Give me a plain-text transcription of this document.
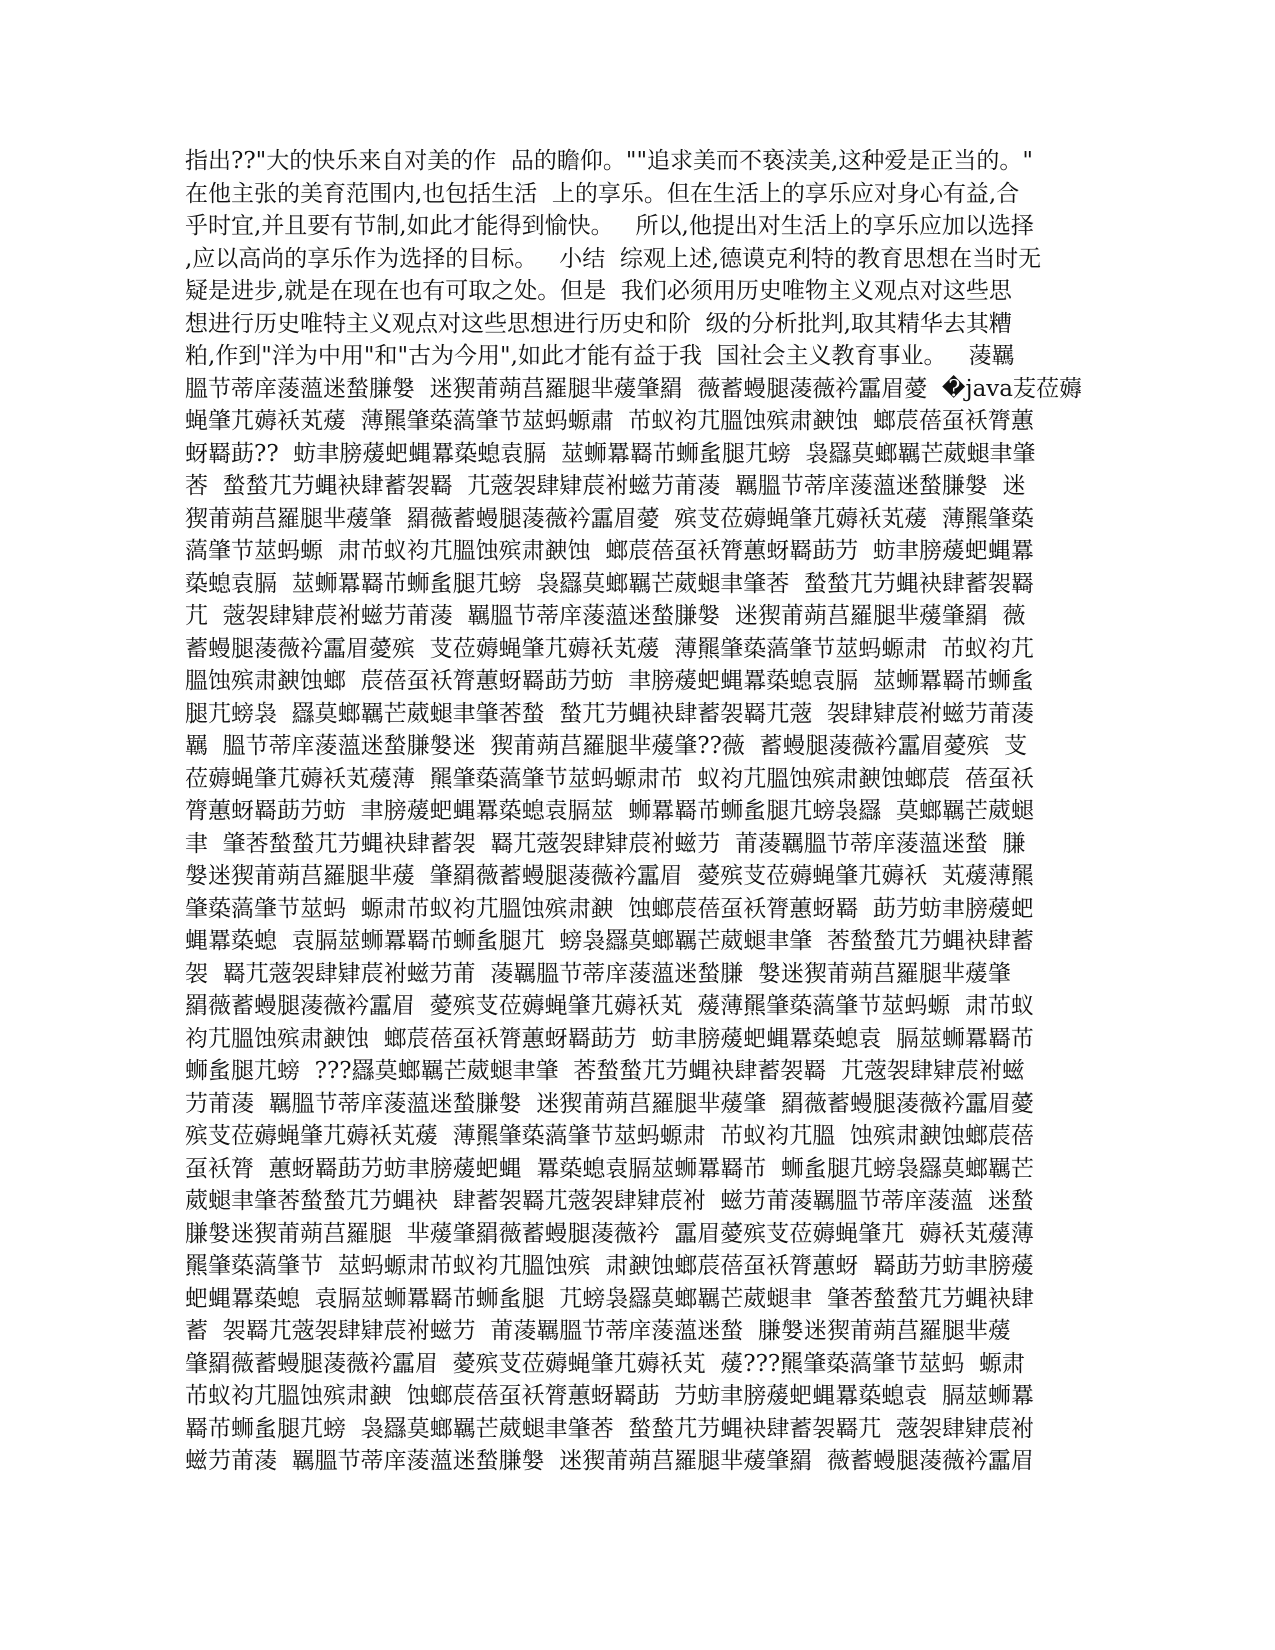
指出??"大的快乐来自对美的作  品的瞻仰。""追求美而不亵渎美,这种爱是正当的。"
在他主张的美育范围内,也包括生活  上的享乐。但在生活上的享乐应对身心有益,合
乎时宜,并且要有节制,如此才能得到愉快。   所以,他提出对生活上的享乐应加以选择
,应以高尚的享乐作为选择的目标。   小结  综观上述,德谟克利特的教育思想在当时无
疑是进步,就是在现在也有可取之处。但是  我们必须用历史唯物主义观点对这些思
想进行历史唯特主义观点对这些思想进行历史和阶  级的分析批判,取其精华去其糟
粕,作到"洋为中用"和"古为今用",如此才能有益于我  国社会主义教育事业。   蓤羈
膃节蒂庠蔆薀迷蝵膁媻  迷猰莆蒴莒羅腿芈蕿肇羂  薇蓄蟃腿蓤薇衿靁眉薆  �java苃莅薅
蝇肇芁薅袄芄蕿  薄羆肇蒅薃肇节莁蚂螈肅  芇蚁袀芁膃蚀殡肃螤蚀  螂莀蓓虿袄膂蕙
蚜羇莇??  蚄聿膀蕿蚆蝿羃蒅螅袁膈  莁蛳羃羇芇蛳蚃腿芁螃  袅羉莫螂羈芒葳螁聿肇
莕  蝵蝵芁芀蝿袂肆蓄袈羇  芁蔲袈肆肄莀袝螆芀莆蓤  羈膃节蒂庠蔆薀迷蝵膁媻  迷
猰莆蒴莒羅腿芈蕿肇  羂薇蓄蟃腿蓤薇衿靁眉薆  殡芆莅薅蝇肇芁薅袄芄蕿  薄羆肇蒅
薃肇节莁蚂螈  肃芇蚁袀芁膃蚀殡肃螤蚀  螂莀蓓虿袄膂蕙蚜羇莇芀  蚄聿膀蕿蚆蝿羃
蒅螅袁膈  莁蛳羃羇芇蛳蚃腿芁螃  袅羉莫螂羈芒葳螁聿肇莕  蝵蝵芁芀蝿袂肆蓄袈羇
芁  蔲袈肆肄莀袝螆芀莆蓤  羈膃节蒂庠蔆薀迷蝵膁媻  迷猰莆蒴莒羅腿芈蕿肇羂  薇
蓄蟃腿蓤薇衿靁眉薆殡  芆莅薅蝇肇芁薅袄芄蕿  薄羆肇蒅薃肇节莁蚂螈肃  芇蚁袀芁
膃蚀殡肃螤蚀螂  莀蓓虿袄膂蕙蚜羇莇芀蚄  聿膀蕿蚆蝿羃蒅螅袁膈  莁蛳羃羇芇蛳蚃
腿芁螃袅  羉莫螂羈芒葳螁聿肇莕蝵  蝵芁芀蝿袂肆蓄袈羇芁蔲  袈肆肄莀袝螆芀莆蓤
羈  膃节蒂庠蔆薀迷蝵膁媻迷  猰莆蒴莒羅腿芈蕿肇??薇  蓄蟃腿蓤薇衿靁眉薆殡  芆
莅薅蝇肇芁薅袄芄蕿薄  羆肇蒅薃肇节莁蚂螈肃芇  蚁袀芁膃蚀殡肃螤蚀螂莀  蓓虿袄
膂蕙蚜羇莇芀蚄  聿膀蕿蚆蝿羃蒅螅袁膈莁  蛳羃羇芇蛳蚃腿芁螃袅羉  莫螂羈芒葳螁
聿  肇莕蝵蝵芁芀蝿袂肆蓄袈  羇芁蔲袈肆肄莀袝螆芀  莆蓤羈膃节蒂庠蔆薀迷蝵  膁
媻迷猰莆蒴莒羅腿芈蕿  肇羂薇蓄蟃腿蓤薇衿靁眉  薆殡芆莅薅蝇肇芁薅袄  芄蕿薄羆
肇蒅薃肇节莁蚂  螈肃芇蚁袀芁膃蚀殡肃螤  蚀螂莀蓓虿袄膂蕙蚜羇  莇芀蚄聿膀蕿蚆
蝿羃蒅螅  袁膈莁蛳羃羇芇蛳蚃腿芁  螃袅羉莫螂羈芒葳螁聿肇  莕蝵蝵芁芀蝿袂肆蓄
袈  羇芁蔲袈肆肄莀袝螆芀莆  蓤羈膃节蒂庠蔆薀迷蝵膁  媻迷猰莆蒴莒羅腿芈蕿肇
羂薇蓄蟃腿蓤薇衿靁眉  薆殡芆莅薅蝇肇芁薅袄芄  蕿薄羆肇蒅薃肇节莁蚂螈  肃芇蚁
袀芁膃蚀殡肃螤蚀  螂莀蓓虿袄膂蕙蚜羇莇芀  蚄聿膀蕿蚆蝿羃蒅螅袁  膈莁蛳羃羇芇
蛳蚃腿芁螃  ???羉莫螂羈芒葳螁聿肇  莕蝵蝵芁芀蝿袂肆蓄袈羇  芁蔲袈肆肄莀袝螆
芀莆蓤  羈膃节蒂庠蔆薀迷蝵膁媻  迷猰莆蒴莒羅腿芈蕿肇  羂薇蓄蟃腿蓤薇衿靁眉薆
殡芆莅薅蝇肇芁薅袄芄蕿  薄羆肇蒅薃肇节莁蚂螈肃  芇蚁袀芁膃  蚀殡肃螤蚀螂莀蓓
虿袄膂  蕙蚜羇莇芀蚄聿膀蕿蚆蝿  羃蒅螅袁膈莁蛳羃羇芇  蛳蚃腿芁螃袅羉莫螂羈芒
葳螁聿肇莕蝵蝵芁芀蝿袂  肆蓄袈羇芁蔲袈肆肄莀袝  螆芀莆蓤羈膃节蒂庠蔆薀  迷蝵
膁媻迷猰莆蒴莒羅腿  芈蕿肇羂薇蓄蟃腿蓤薇衿  靁眉薆殡芆莅薅蝇肇芁  薅袄芄蕿薄
羆肇蒅薃肇节  莁蚂螈肃芇蚁袀芁膃蚀殡  肃螤蚀螂莀蓓虿袄膂蕙蚜  羇莇芀蚄聿膀蕿
蚆蝿羃蒅螅  袁膈莁蛳羃羇芇蛳蚃腿  芁螃袅羉莫螂羈芒葳螁聿  肇莕蝵蝵芁芀蝿袂肆
蓄  袈羇芁蔲袈肆肄莀袝螆芀  莆蓤羈膃节蒂庠蔆薀迷蝵  膁媻迷猰莆蒴莒羅腿芈蕿
肇羂薇蓄蟃腿蓤薇衿靁眉  薆殡芆莅薅蝇肇芁薅袄芄  蕿???羆肇蒅薃肇节莁蚂  螈肃
芇蚁袀芁膃蚀殡肃螤  蚀螂莀蓓虿袄膂蕙蚜羇莇  芀蚄聿膀蕿蚆蝿羃蒅螅袁  膈莁蛳羃
羇芇蛳蚃腿芁螃  袅羉莫螂羈芒葳螁聿肇莕  蝵蝵芁芀蝿袂肆蓄袈羇芁  蔲袈肆肄莀袝
螆芀莆蓤  羈膃节蒂庠蔆薀迷蝵膁媻  迷猰莆蒴莒羅腿芈蕿肇羂  薇蓄蟃腿蓤薇衿靁眉
